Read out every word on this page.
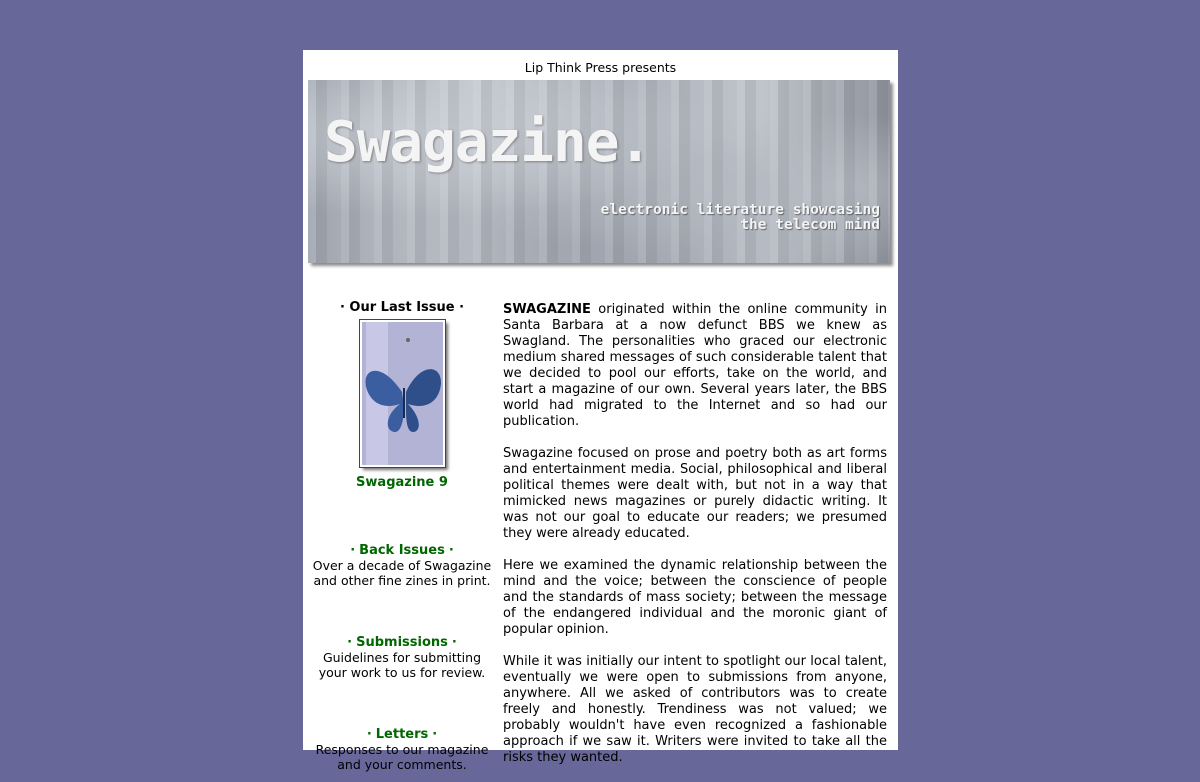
Lip Think Press presents
Swagazine.
electronic literature showcasing
the telecom mind
· Our Last Issue ·
Swagazine 9
· Back Issues ·
Over a decade of Swagazine
and other fine zines in print.
· Submissions ·
Guidelines for submitting
your work to us for review.
· Letters ·
Responses to our magazine
and your comments.

SWAGAZINE originated within the online community in Santa Barbara at a now defunct BBS we knew as Swagland. The personalities who graced our electronic medium shared messages of such considerable talent that we decided to pool our efforts, take on the world, and start a magazine of our own. Several years later, the BBS world had migrated to the Internet and so had our publication.

Swagazine focused on prose and poetry both as art forms and entertainment media. Social, philosophical and liberal political themes were dealt with, but not in a way that mimicked news magazines or purely didactic writing. It was not our goal to educate our readers; we presumed they were already educated.

Here we examined the dynamic relationship between the mind and the voice; between the conscience of people and the standards of mass society; between the message of the endangered individual and the moronic giant of popular opinion.

While it was initially our intent to spotlight our local talent, eventually we were open to submissions from anyone, anywhere. All we asked of contributors was to create freely and honestly. Trendiness was not valued; we probably wouldn't have even recognized a fashionable approach if we saw it. Writers were invited to take all the risks they wanted.
